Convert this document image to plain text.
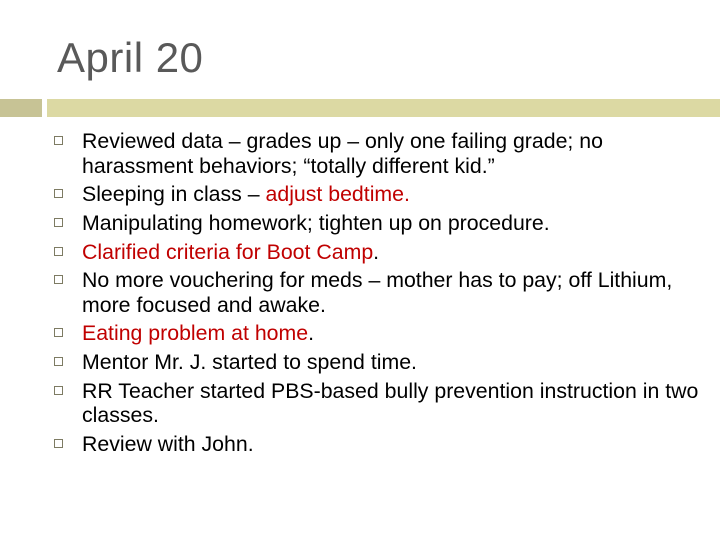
April 20
Reviewed data – grades up – only one failing grade; no harassment behaviors; “totally different kid.”
Sleeping in class – adjust bedtime.
Manipulating homework; tighten up on procedure.
Clarified criteria for Boot Camp.
No more vouchering for meds – mother has to pay; off Lithium, more focused and awake.
Eating problem at home.
Mentor Mr. J. started to spend time.
RR Teacher started PBS-based bully prevention instruction in two classes.
Review with John.
